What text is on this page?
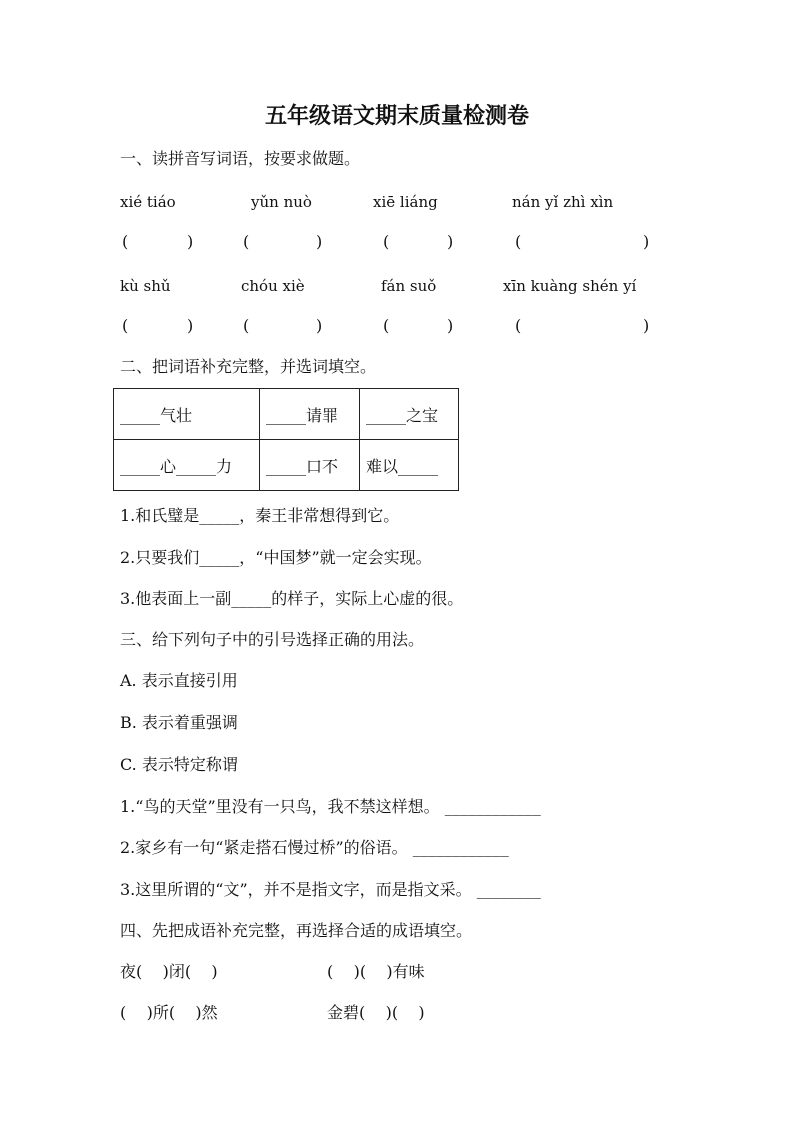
五年级语文期末质量检测卷
一、读拼音写词语，按要求做题。
xié tiáo	yǔn nuò	xiē liáng	nán yǐ zhì xìn
(	)	(	)	(	)	(	)
kù shǔ	chóu xiè	fán suǒ	xīn kuàng shén yí
(	)	(	)	(	)	(	)
二、把词语补充完整，并选词填空。
_____气壮	_____请罪	_____之宝
_____心_____力	_____口不	难以_____
1.和氏璧是_____，秦王非常想得到它。
2.只要我们_____，“中国梦”就一定会实现。
3.他表面上一副_____的样子，实际上心虚的很。
三、给下列句子中的引号选择正确的用法。
A. 表示直接引用
B. 表示着重强调
C. 表示特定称谓
1.“鸟的天堂”里没有一只鸟，我不禁这样想。 ____________
2.家乡有一句“紧走搭石慢过桥”的俗语。 ____________
3.这里所谓的“文”，并不是指文字，而是指文采。 ________
四、先把成语补充完整，再选择合适的成语填空。
夜(    )闭(    )	(    )(    )有味
(    )所(    )然	金碧(    )(    )
